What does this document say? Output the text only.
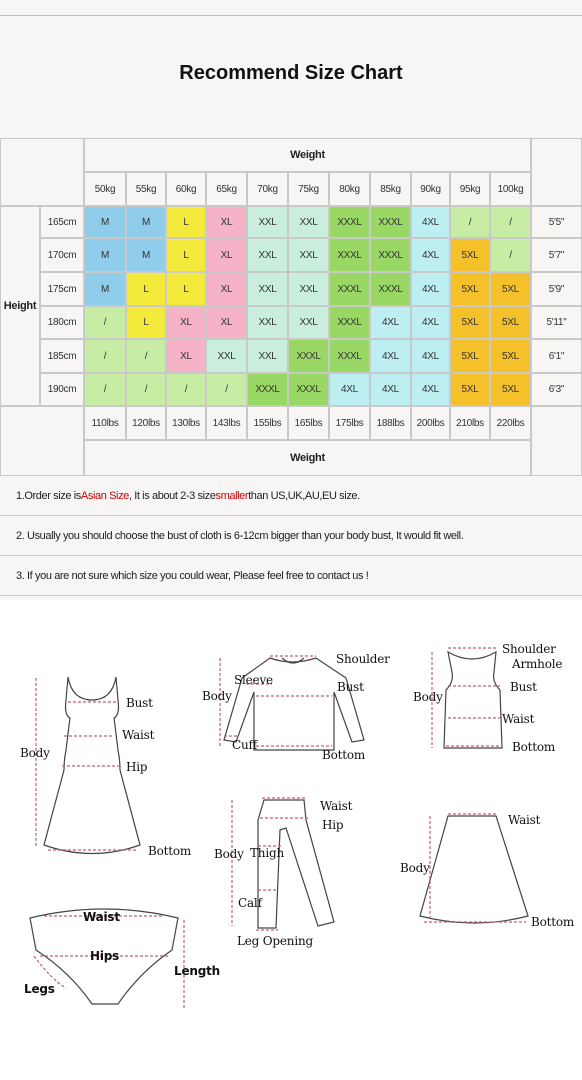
Recommend Size Chart
Weight
50kg	55kg	60kg	65kg	70kg	75kg	80kg	85kg	90kg	95kg	100kg
Height
165cm	M	M	L	XL	XXL	XXL	XXXL	XXXL	4XL	/	/	5'5"
170cm	M	M	L	XL	XXL	XXL	XXXL	XXXL	4XL	5XL	/	5'7"
175cm	M	L	L	XL	XXL	XXL	XXXL	XXXL	4XL	5XL	5XL	5'9"
180cm	/	L	XL	XL	XXL	XXL	XXXL	4XL	4XL	5XL	5XL	5'11"
185cm	/	/	XL	XXL	XXL	XXXL	XXXL	4XL	4XL	5XL	5XL	6'1"
190cm	/	/	/	/	XXXL	XXXL	4XL	4XL	4XL	5XL	5XL	6'3"
110lbs	120lbs	130lbs	143lbs	155lbs	165lbs	175lbs	188lbs	200lbs	210lbs	220lbs
Weight
1.Order size is Asian Size , It is about 2-3 size smaller than US,UK,AU,EU size.
2. Usually you should choose the bust of cloth is 6-12cm bigger than your body bust, It would fit well.
3. If you are not sure which size you could wear, Please feel free to contact us !
Bust
Waist
Body
Hip
Bottom
Shoulder
Sleeve
Body
Bust
Cuff
Bottom
Shoulder
Armhole
Bust
Body
Waist
Bottom
Waist
Hip
Body Thigh
Calf
Leg Opening
Waist
Body
Bottom
Waist
Hips
Length
Legs
